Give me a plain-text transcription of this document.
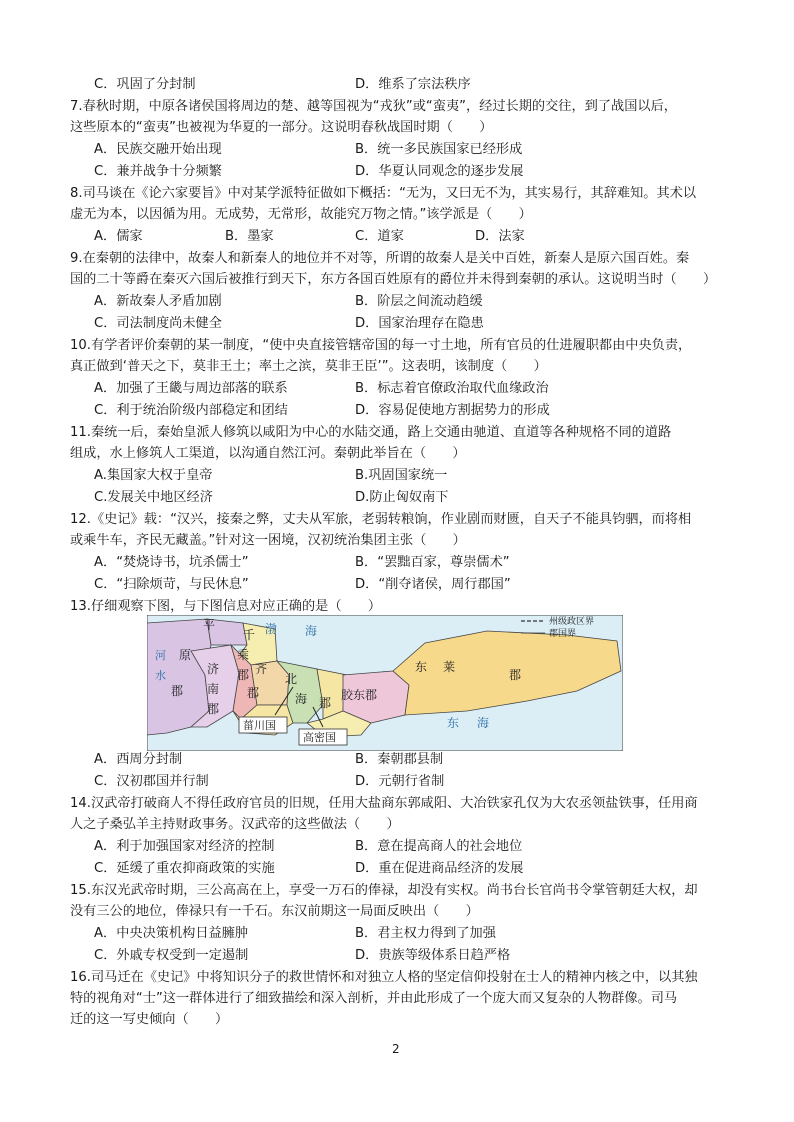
C．巩固了分封制	D．维系了宗法秩序
7.春秋时期，中原各诸侯国将周边的楚、越等国视为“戎狄”或“蛮夷”，经过长期的交往，到了战国以后，
这些原本的“蛮夷”也被视为华夏的一部分。这说明春秋战国时期（　　）
A．民族交融开始出现	B．统一多民族国家已经形成
C．兼并战争十分频繁	D．华夏认同观念的逐步发展
8.司马谈在《论六家要旨》中对某学派特征做如下概括：“无为，又曰无不为，其实易行，其辞难知。其术以
虚无为本，以因循为用。无成势，无常形，故能究万物之情。”该学派是（　　）
A．儒家	B．墨家	C．道家	D．法家
9.在秦朝的法律中，故秦人和新秦人的地位并不对等，所谓的故秦人是关中百姓，新秦人是原六国百姓。秦
国的二十等爵在秦灭六国后被推行到天下，东方各国百姓原有的爵位并未得到秦朝的承认。这说明当时（　　）
A．新故秦人矛盾加剧	B．阶层之间流动趋缓
C．司法制度尚未健全	D．国家治理存在隐患
10.有学者评价秦朝的某一制度，“使中央直接管辖帝国的每一寸土地，所有官员的仕进履职都由中央负责，
真正做到‘普天之下，莫非王土；率土之滨，莫非王臣’”。这表明，该制度（　　）
A．加强了王畿与周边部落的联系	B．标志着官僚政治取代血缘政治
C．利于统治阶级内部稳定和团结	D．容易促使地方割据势力的形成
11.秦统一后，秦始皇派人修筑以咸阳为中心的水陆交通，路上交通由驰道、直道等各种规格不同的道路
组成，水上修筑人工渠道，以沟通自然江河。秦朝此举旨在（　　）
A.集国家大权于皇帝	B.巩固国家统一
C.发展关中地区经济	D.防止匈奴南下
12.《史记》载：“汉兴，接秦之弊，丈夫从军旅，老弱转粮饷，作业剧而财匮，自天子不能具钧驷，而将相
或乘牛车，齐民无藏盖。”针对这一困境，汉初统治集团主张（　　）
A．“焚烧诗书，坑杀儒士”	B．“罢黜百家，尊崇儒术”
C．“扫除烦苛，与民休息”	D．“削夺诸侯，周行郡国”
13.仔细观察下图，与下图信息对应正确的是（　　）
州级政区界
郡国界
河
水
平
原
郡
千
乘
郡
济
南
郡
齐
郡
北
海 郡
胶东郡
东 莱
郡
渤 海
东 海
菑川国
高密国
A．西周分封制	B．秦朝郡县制
C．汉初郡国并行制	D．元朝行省制
14.汉武帝打破商人不得任政府官员的旧规，任用大盐商东郭咸阳、大冶铁家孔仅为大农丞领盐铁事，任用商
人之子桑弘羊主持财政事务。汉武帝的这些做法（　　）
A．利于加强国家对经济的控制	B．意在提高商人的社会地位
C．延缓了重农抑商政策的实施	D．重在促进商品经济的发展
15.东汉光武帝时期，三公高高在上，享受一万石的俸禄，却没有实权。尚书台长官尚书令掌管朝廷大权，却
没有三公的地位，俸禄只有一千石。东汉前期这一局面反映出（　　）
A．中央决策机构日益臃肿	B．君主权力得到了加强
C．外戚专权受到一定遏制	D．贵族等级体系日趋严格
16.司马迁在《史记》中将知识分子的救世情怀和对独立人格的坚定信仰投射在士人的精神内核之中，以其独
特的视角对“士”这一群体进行了细致描绘和深入剖析，并由此形成了一个庞大而又复杂的人物群像。司马
迁的这一写史倾向（　　）
2
